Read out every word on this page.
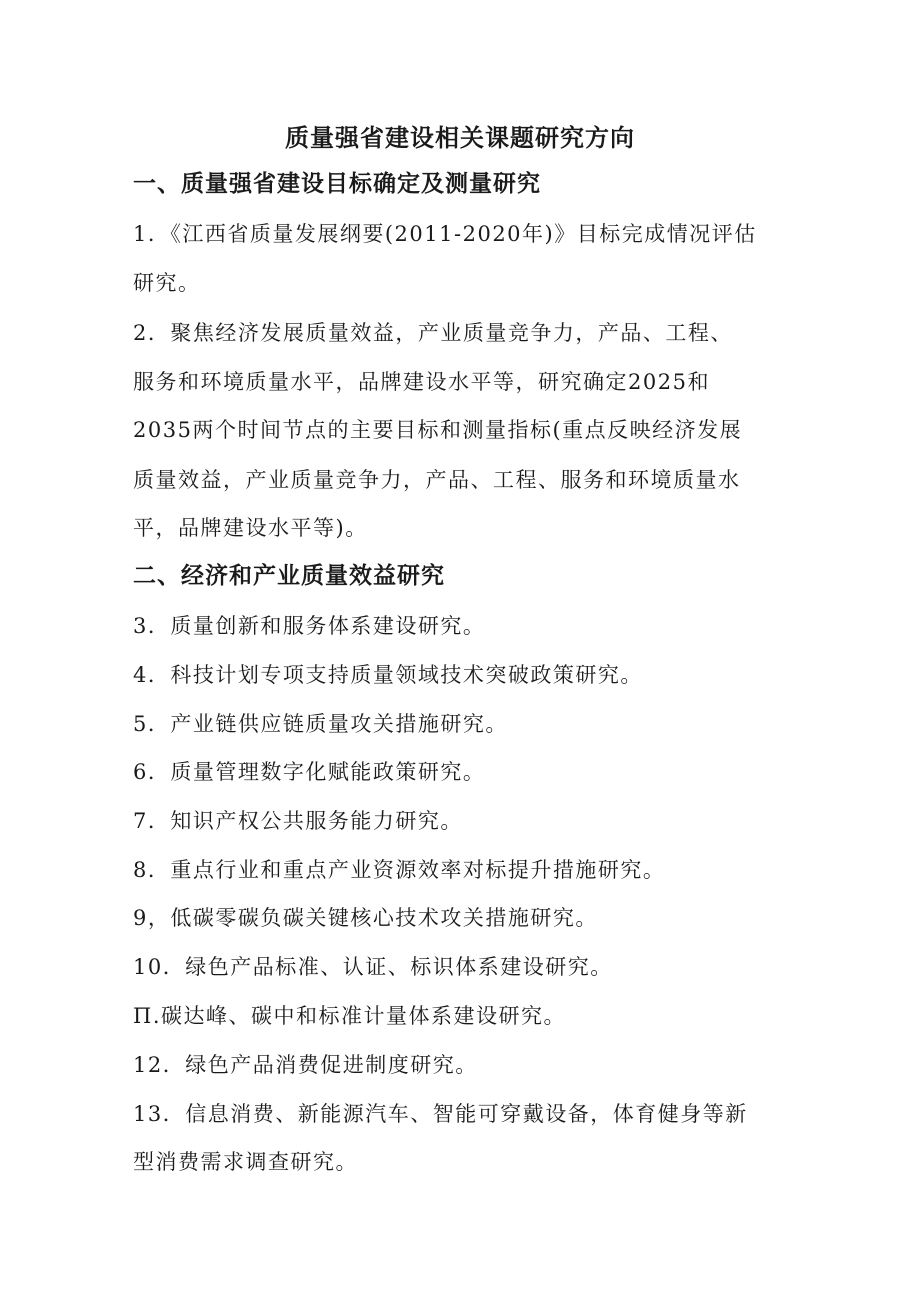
质量强省建设相关课题研究方向
一、质量强省建设目标确定及测量研究
1．《江西省质量发展纲要(2011-2020年)》目标完成情况评估
研究。
2．聚焦经济发展质量效益，产业质量竞争力，产品、工程、
服务和环境质量水平，品牌建设水平等，研究确定2025和
2035两个时间节点的主要目标和测量指标(重点反映经济发展
质量效益，产业质量竞争力，产品、工程、服务和环境质量水
平，品牌建设水平等)。
二、经济和产业质量效益研究
3．质量创新和服务体系建设研究。
4．科技计划专项支持质量领域技术突破政策研究。
5．产业链供应链质量攻关措施研究。
6．质量管理数字化赋能政策研究。
7．知识产权公共服务能力研究。
8．重点行业和重点产业资源效率对标提升措施研究。
9，低碳零碳负碳关键核心技术攻关措施研究。
10．绿色产品标准、认证、标识体系建设研究。
Π.碳达峰、碳中和标准计量体系建设研究。
12．绿色产品消费促进制度研究。
13．信息消费、新能源汽车、智能可穿戴设备，体育健身等新
型消费需求调查研究。
